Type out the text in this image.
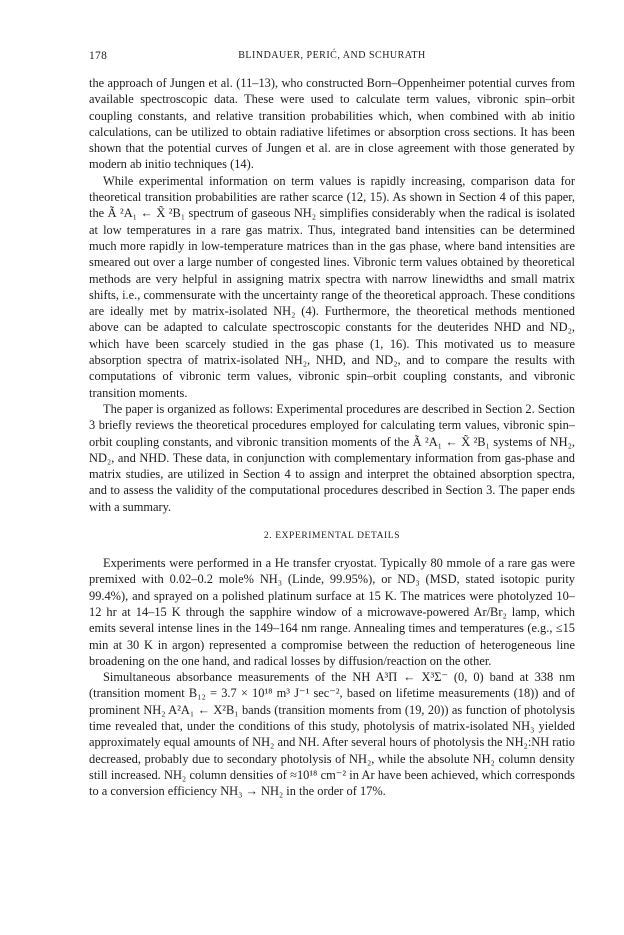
178	BLINDAUER, PERIĆ, AND SCHURATH

the approach of Jungen et al. (11–13), who constructed Born–Oppenheimer potential curves from available spectroscopic data. These were used to calculate term values, vibronic spin–orbit coupling constants, and relative transition probabilities which, when combined with ab initio calculations, can be utilized to obtain radiative lifetimes or absorption cross sections. It has been shown that the potential curves of Jungen et al. are in close agreement with those generated by modern ab initio techniques (14).

While experimental information on term values is rapidly increasing, comparison data for theoretical transition probabilities are rather scarce (12, 15). As shown in Section 4 of this paper, the Ã ²A₁ ← X̃ ²B₁ spectrum of gaseous NH₂ simplifies considerably when the radical is isolated at low temperatures in a rare gas matrix. Thus, integrated band intensities can be determined much more rapidly in low-temperature matrices than in the gas phase, where band intensities are smeared out over a large number of congested lines. Vibronic term values obtained by theoretical methods are very helpful in assigning matrix spectra with narrow linewidths and small matrix shifts, i.e., commensurate with the uncertainty range of the theoretical approach. These conditions are ideally met by matrix-isolated NH₂ (4). Furthermore, the theoretical methods mentioned above can be adapted to calculate spectroscopic constants for the deuterides NHD and ND₂, which have been scarcely studied in the gas phase (1, 16). This motivated us to measure absorption spectra of matrix-isolated NH₂, NHD, and ND₂, and to compare the results with computations of vibronic term values, vibronic spin–orbit coupling constants, and vibronic transition moments.

The paper is organized as follows: Experimental procedures are described in Section 2. Section 3 briefly reviews the theoretical procedures employed for calculating term values, vibronic spin–orbit coupling constants, and vibronic transition moments of the Ã ²A₁ ← X̃ ²B₁ systems of NH₂, ND₂, and NHD. These data, in conjunction with complementary information from gas-phase and matrix studies, are utilized in Section 4 to assign and interpret the obtained absorption spectra, and to assess the validity of the computational procedures described in Section 3. The paper ends with a summary.

2. EXPERIMENTAL DETAILS

Experiments were performed in a He transfer cryostat. Typically 80 mmole of a rare gas were premixed with 0.02–0.2 mole% NH₃ (Linde, 99.95%), or ND₃ (MSD, stated isotopic purity 99.4%), and sprayed on a polished platinum surface at 15 K. The matrices were photolyzed 10–12 hr at 14–15 K through the sapphire window of a microwave-powered Ar/Br₂ lamp, which emits several intense lines in the 149–164 nm range. Annealing times and temperatures (e.g., ≤15 min at 30 K in argon) represented a compromise between the reduction of heterogeneous line broadening on the one hand, and radical losses by diffusion/reaction on the other.

Simultaneous absorbance measurements of the NH A³Π ← X³Σ⁻ (0, 0) band at 338 nm (transition moment B₁₂ = 3.7 × 10¹⁸ m³ J⁻¹ sec⁻², based on lifetime measurements (18)) and of prominent NH₂ A²A₁ ← X²B₁ bands (transition moments from (19, 20)) as function of photolysis time revealed that, under the conditions of this study, photolysis of matrix-isolated NH₃ yielded approximately equal amounts of NH₂ and NH. After several hours of photolysis the NH₂:NH ratio decreased, probably due to secondary photolysis of NH₂, while the absolute NH₂ column density still increased. NH₂ column densities of ≈10¹⁸ cm⁻² in Ar have been achieved, which corresponds to a conversion efficiency NH₃ → NH₂ in the order of 17%.
